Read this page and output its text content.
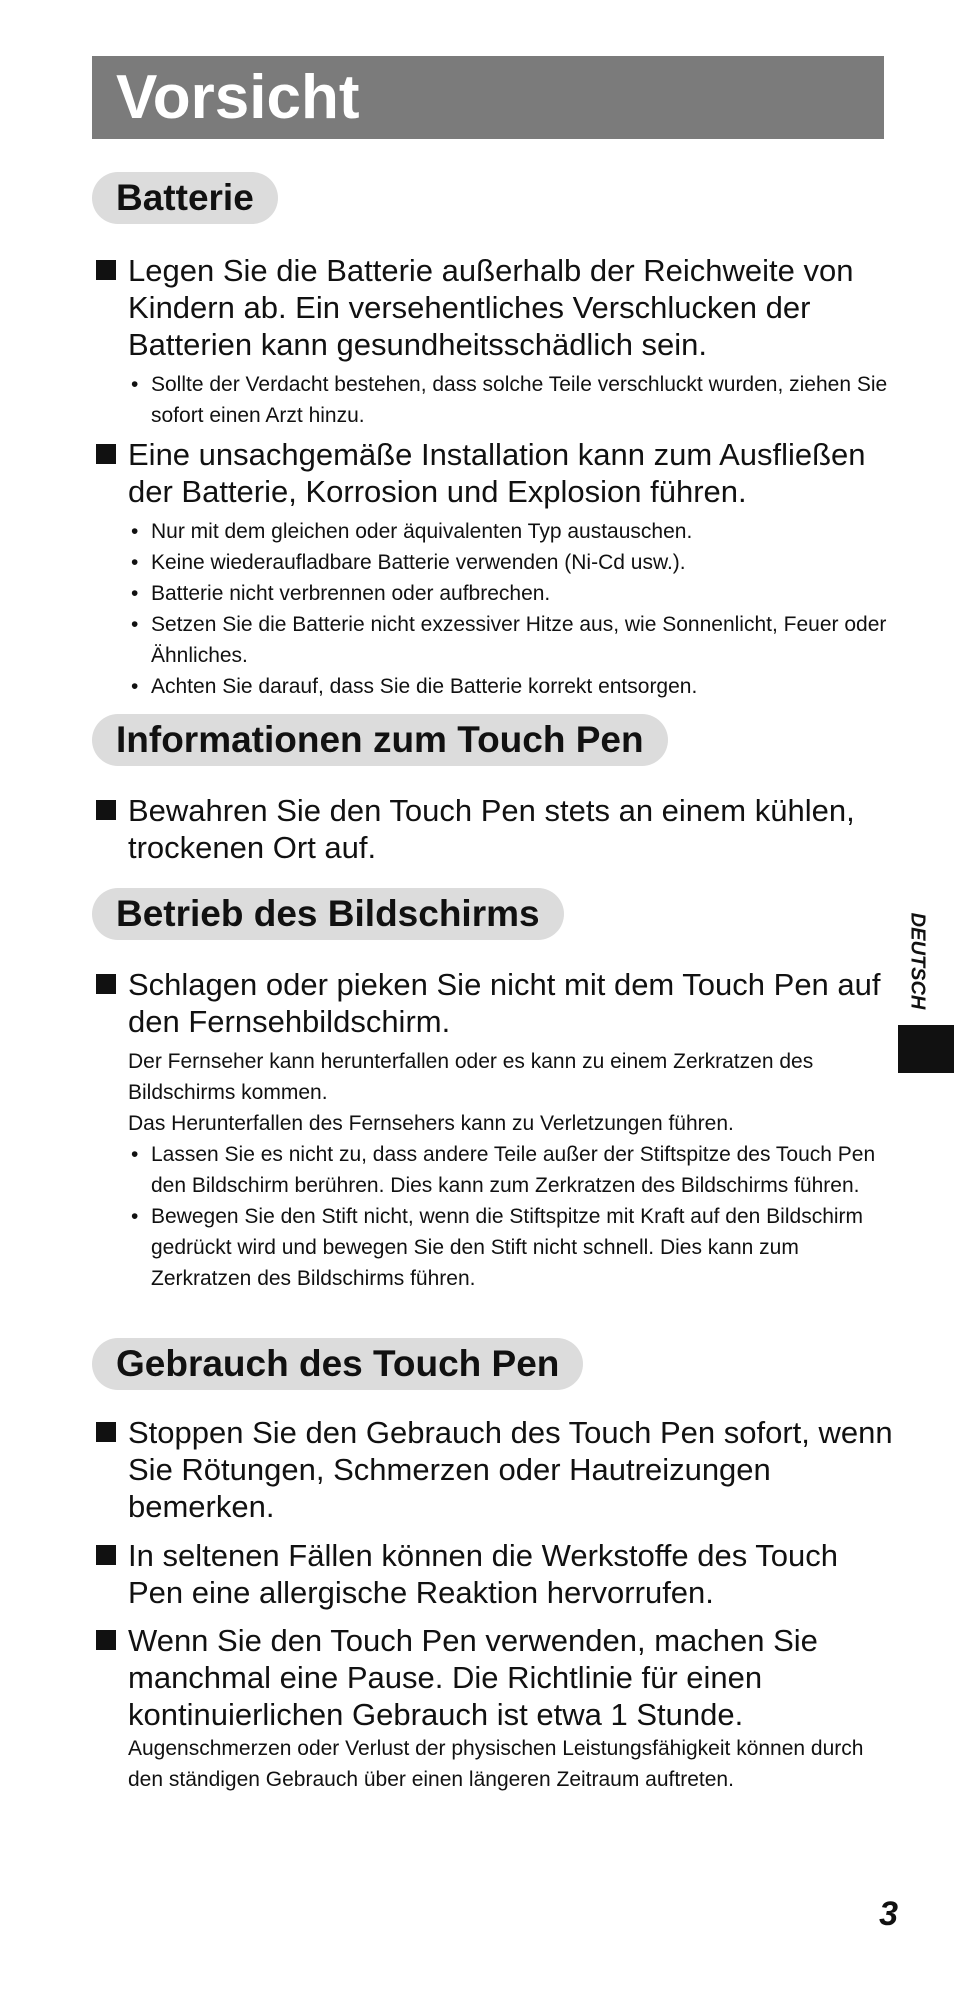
Vorsicht
Batterie

Legen Sie die Batterie außerhalb der Reichweite von Kindern ab. Ein versehentliches Verschlucken der Batterien kann gesundheitsschädlich sein.

• Sollte der Verdacht bestehen, dass solche Teile verschluckt wurden, ziehen Sie sofort einen Arzt hinzu.

Eine unsachgemäße Installation kann zum Ausfließen der Batterie, Korrosion und Explosion führen.

• Nur mit dem gleichen oder äquivalenten Typ austauschen.
• Keine wiederaufladbare Batterie verwenden (Ni-Cd usw.).
• Batterie nicht verbrennen oder aufbrechen.
• Setzen Sie die Batterie nicht exzessiver Hitze aus, wie Sonnenlicht, Feuer oder Ähnliches.
• Achten Sie darauf, dass Sie die Batterie korrekt entsorgen.
Informationen zum Touch Pen

Bewahren Sie den Touch Pen stets an einem kühlen, trockenen Ort auf.

Betrieb des Bildschirms

Schlagen oder pieken Sie nicht mit dem Touch Pen auf den Fernsehbildschirm.

Der Fernseher kann herunterfallen oder es kann zu einem Zerkratzen des Bildschirms kommen.

Das Herunterfallen des Fernsehers kann zu Verletzungen führen.

• Lassen Sie es nicht zu, dass andere Teile außer der Stiftspitze des Touch Pen den Bildschirm berühren. Dies kann zum Zerkratzen des Bildschirms führen.
• Bewegen Sie den Stift nicht, wenn die Stiftspitze mit Kraft auf den Bildschirm gedrückt wird und bewegen Sie den Stift nicht schnell. Dies kann zum Zerkratzen des Bildschirms führen.
Gebrauch des Touch Pen

Stoppen Sie den Gebrauch des Touch Pen sofort, wenn Sie Rötungen, Schmerzen oder Hautreizungen bemerken.

In seltenen Fällen können die Werkstoffe des Touch Pen eine allergische Reaktion hervorrufen.

Wenn Sie den Touch Pen verwenden, machen Sie manchmal eine Pause. Die Richtlinie für einen kontinuierlichen Gebrauch ist etwa 1 Stunde.

Augenschmerzen oder Verlust der physischen Leistungsfähigkeit können durch den ständigen Gebrauch über einen längeren Zeitraum auftreten.

DEUTSCH
3
